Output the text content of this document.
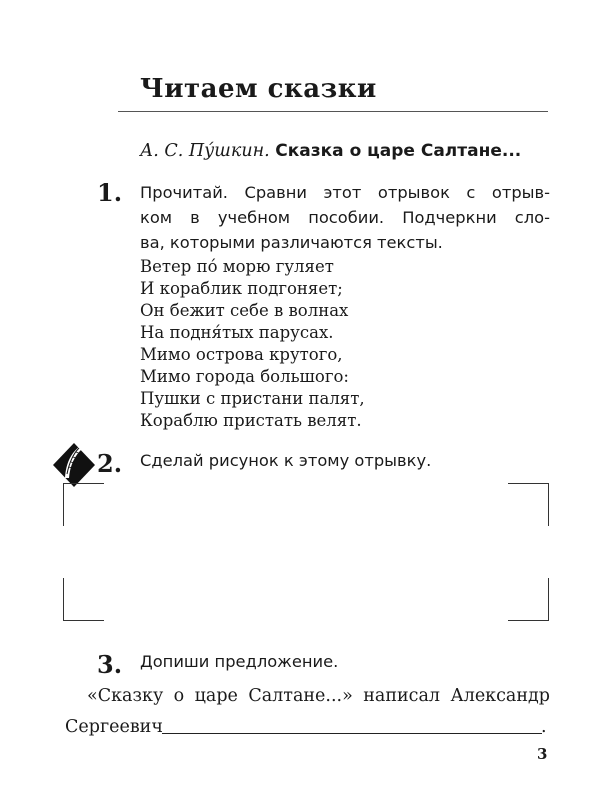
Читаем сказки
А. С. Пу́шкин. Сказка о царе Салтане...
1. Прочитай. Сравни этот отрывок с отрыв-
ком в учебном пособии. Подчеркни сло-
ва, которыми различаются тексты.
Ветер по́ морю гуляет
И кораблик подгоняет;
Он бежит себе в волнах
На подня́тых парусах.
Мимо острова крутого,
Мимо города большого:
Пушки с пристани палят,
Кораблю пристать велят.
2. Сделай рисунок к этому отрывку.
3. Допиши предложение.
«Сказку о царе Салтане...» написал Александр
Сергеевич	.
3
